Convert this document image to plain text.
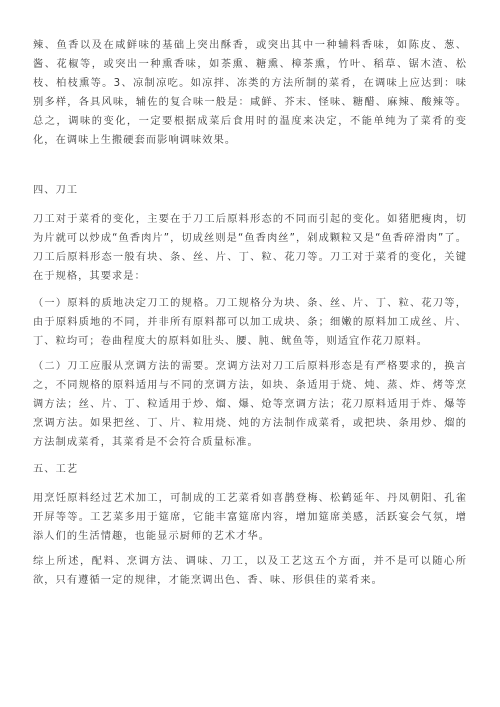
辣、鱼香以及在咸鲜味的基础上突出酥香，或突出其中一种辅料香味，如陈皮、葱、酱、花椒等，或突出一种熏香味，如茶熏、糖熏、樟茶熏，竹叶、稻草、锯木渣、松枝、柏枝熏等。3、凉制凉吃。如凉拌、冻类的方法所制的菜肴，在调味上应达到：味别多样，各具风味，辅佐的复合味一般是：咸鲜、芥末、怪味、糖醋、麻辣、酸辣等。总之，调味的变化，一定要根据成菜后食用时的温度来决定，不能单纯为了菜肴的变化，在调味上生搬硬套而影响调味效果。

四、刀工

刀工对于菜肴的变化，主要在于刀工后原料形态的不同而引起的变化。如猪肥瘦肉，切为片就可以炒成“鱼香肉片”，切成丝则是“鱼香肉丝”，剁成颗粒又是“鱼香碎滑肉”了。刀工后原料形态一般有块、条、丝、片、丁、粒、花刀等。刀工对于菜肴的变化，关键在于规格，其要求是：

（一）原料的质地决定刀工的规格。刀工规格分为块、条、丝、片、丁、粒、花刀等，由于原料质地的不同，并非所有原料都可以加工成块、条；细嫩的原料加工成丝、片、丁、粒均可；卷曲程度大的原料如肚头、腰、肫、鱿鱼等，则适宜作花刀原料。

（二）刀工应服从烹调方法的需要。烹调方法对刀工后原料形态是有严格要求的，换言之，不同规格的原料适用与不同的烹调方法，如块、条适用于烧、炖、蒸、炸、烤等烹调方法；丝、片、丁、粒适用于炒、熘、爆、炝等烹调方法；花刀原料适用于炸、爆等烹调方法。如果把丝、丁、片、粒用烧、炖的方法制作成菜肴，或把块、条用炒、熘的方法制成菜肴，其菜肴是不会符合质量标准。

五、工艺

用烹饪原料经过艺术加工，可制成的工艺菜肴如喜鹊登梅、松鹤延年、丹凤朝阳、孔雀开屏等等。工艺菜多用于筵席，它能丰富筵席内容，增加筵席美感，活跃宴会气氛，增添人们的生活情趣，也能显示厨师的艺术才华。

综上所述，配料、烹调方法、调味、刀工，以及工艺这五个方面，并不是可以随心所欲，只有遵循一定的规律，才能烹调出色、香、味、形俱佳的菜肴来。
